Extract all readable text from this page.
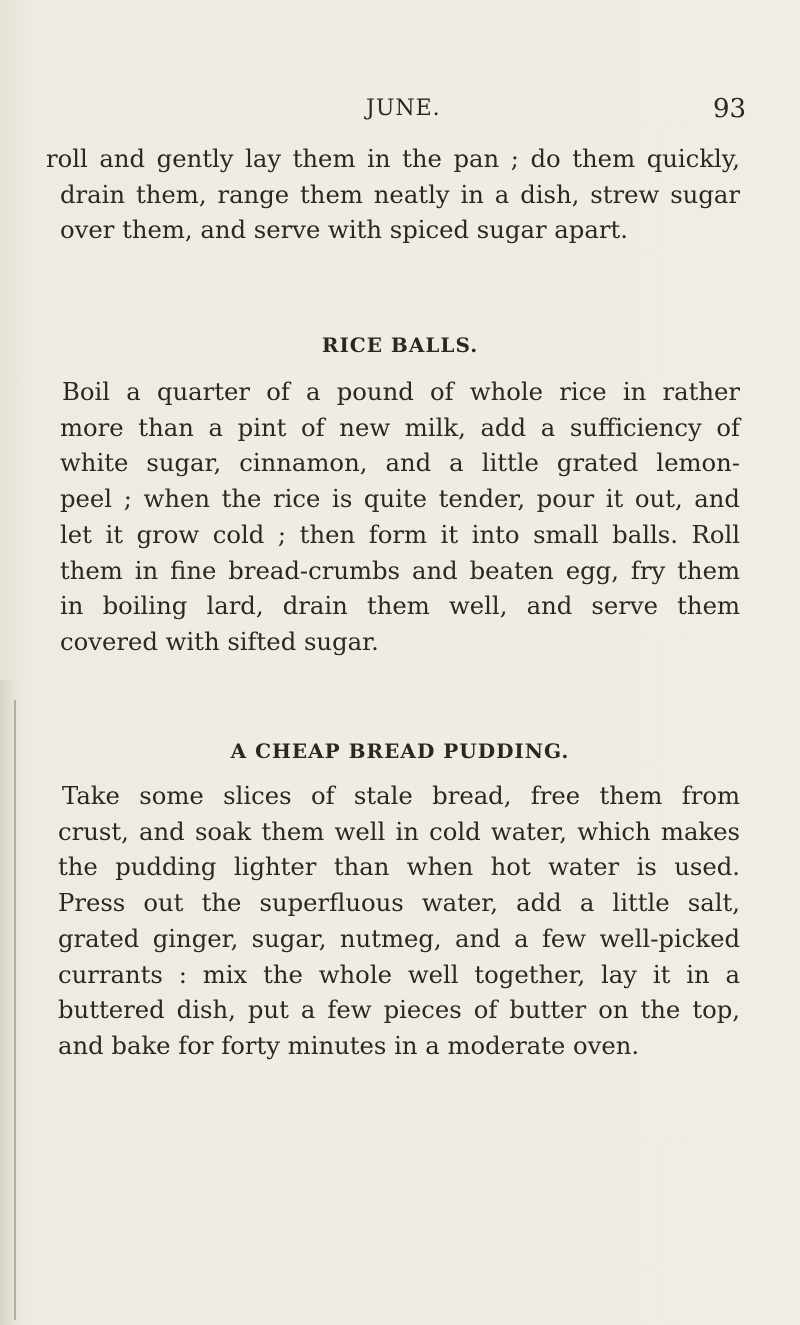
JUNE.	93
roll and gently lay them in the pan ; do them quickly,
drain them, range them neatly in a dish, strew sugar
over them, and serve with spiced sugar apart.
RICE BALLS.
Boil a quarter of a pound of whole rice in rather
more than a pint of new milk, add a sufficiency of
white sugar, cinnamon, and a little grated lemon-
peel ; when the rice is quite tender, pour it out, and
let it grow cold ; then form it into small balls. Roll
them in fine bread-crumbs and beaten egg, fry them
in boiling lard, drain them well, and serve them
covered with sifted sugar.
A CHEAP BREAD PUDDING.
Take some slices of stale bread, free them from
crust, and soak them well in cold water, which makes
the pudding lighter than when hot water is used.
Press out the superfluous water, add a little salt,
grated ginger, sugar, nutmeg, and a few well-picked
currants : mix the whole well together, lay it in a
buttered dish, put a few pieces of butter on the top,
and bake for forty minutes in a moderate oven.
